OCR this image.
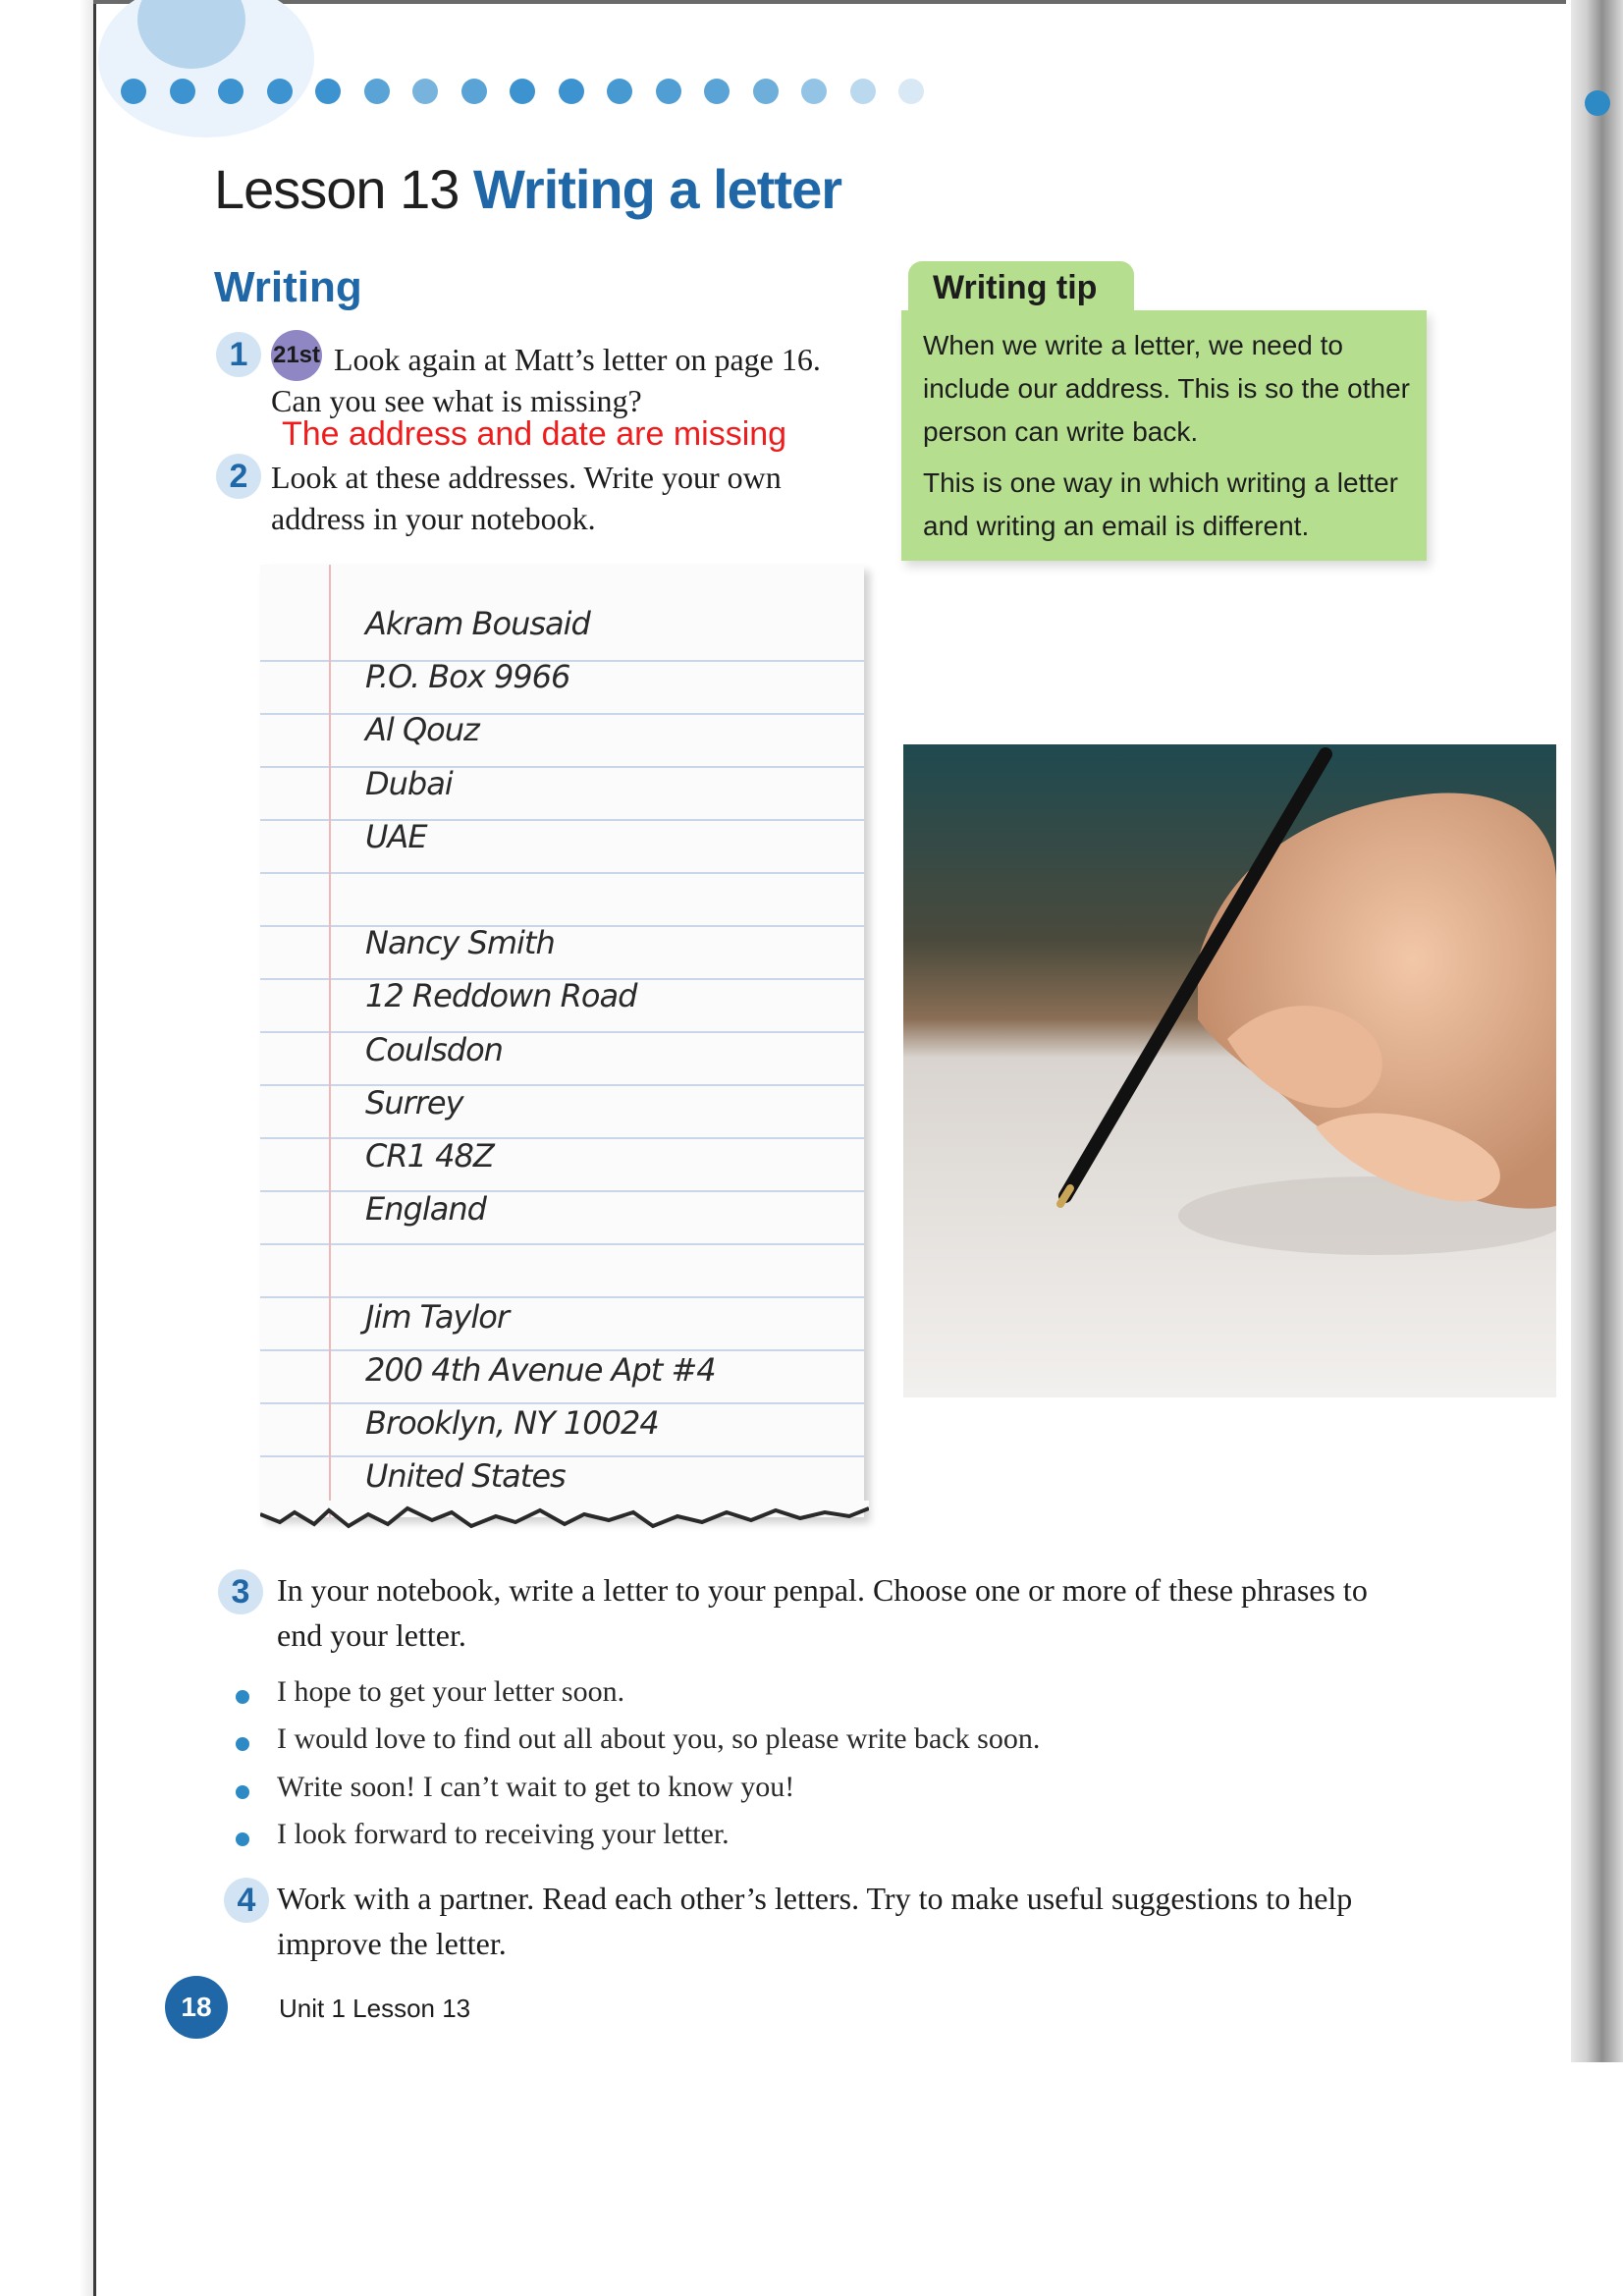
Lesson 13 Writing a letter
Writing
1	21st Look again at Matt’s letter on page 16.
Can you see what is missing?
The address and date are missing
2 Look at these addresses. Write your own
address in your notebook.
Writing tip
When we write a letter, we need to include our address. This is so the other person can write back.
This is one way in which writing a letter and writing an email is different.
Akram Bousaid
P.O. Box 9966
Al Qouz
Dubai
UAE
Nancy Smith
12 Reddown Road
Coulsdon
Surrey
CR1 48Z
England
Jim Taylor
200 4th Avenue Apt #4
Brooklyn, NY 10024
United States
3 In your notebook, write a letter to your penpal. Choose one or more of these phrases to end your letter.
I hope to get your letter soon.
I would love to find out all about you, so please write back soon.
Write soon! I can’t wait to get to know you!
I look forward to receiving your letter.
4 Work with a partner. Read each other’s letters. Try to make useful suggestions to help improve the letter.
18	Unit 1 Lesson 13
